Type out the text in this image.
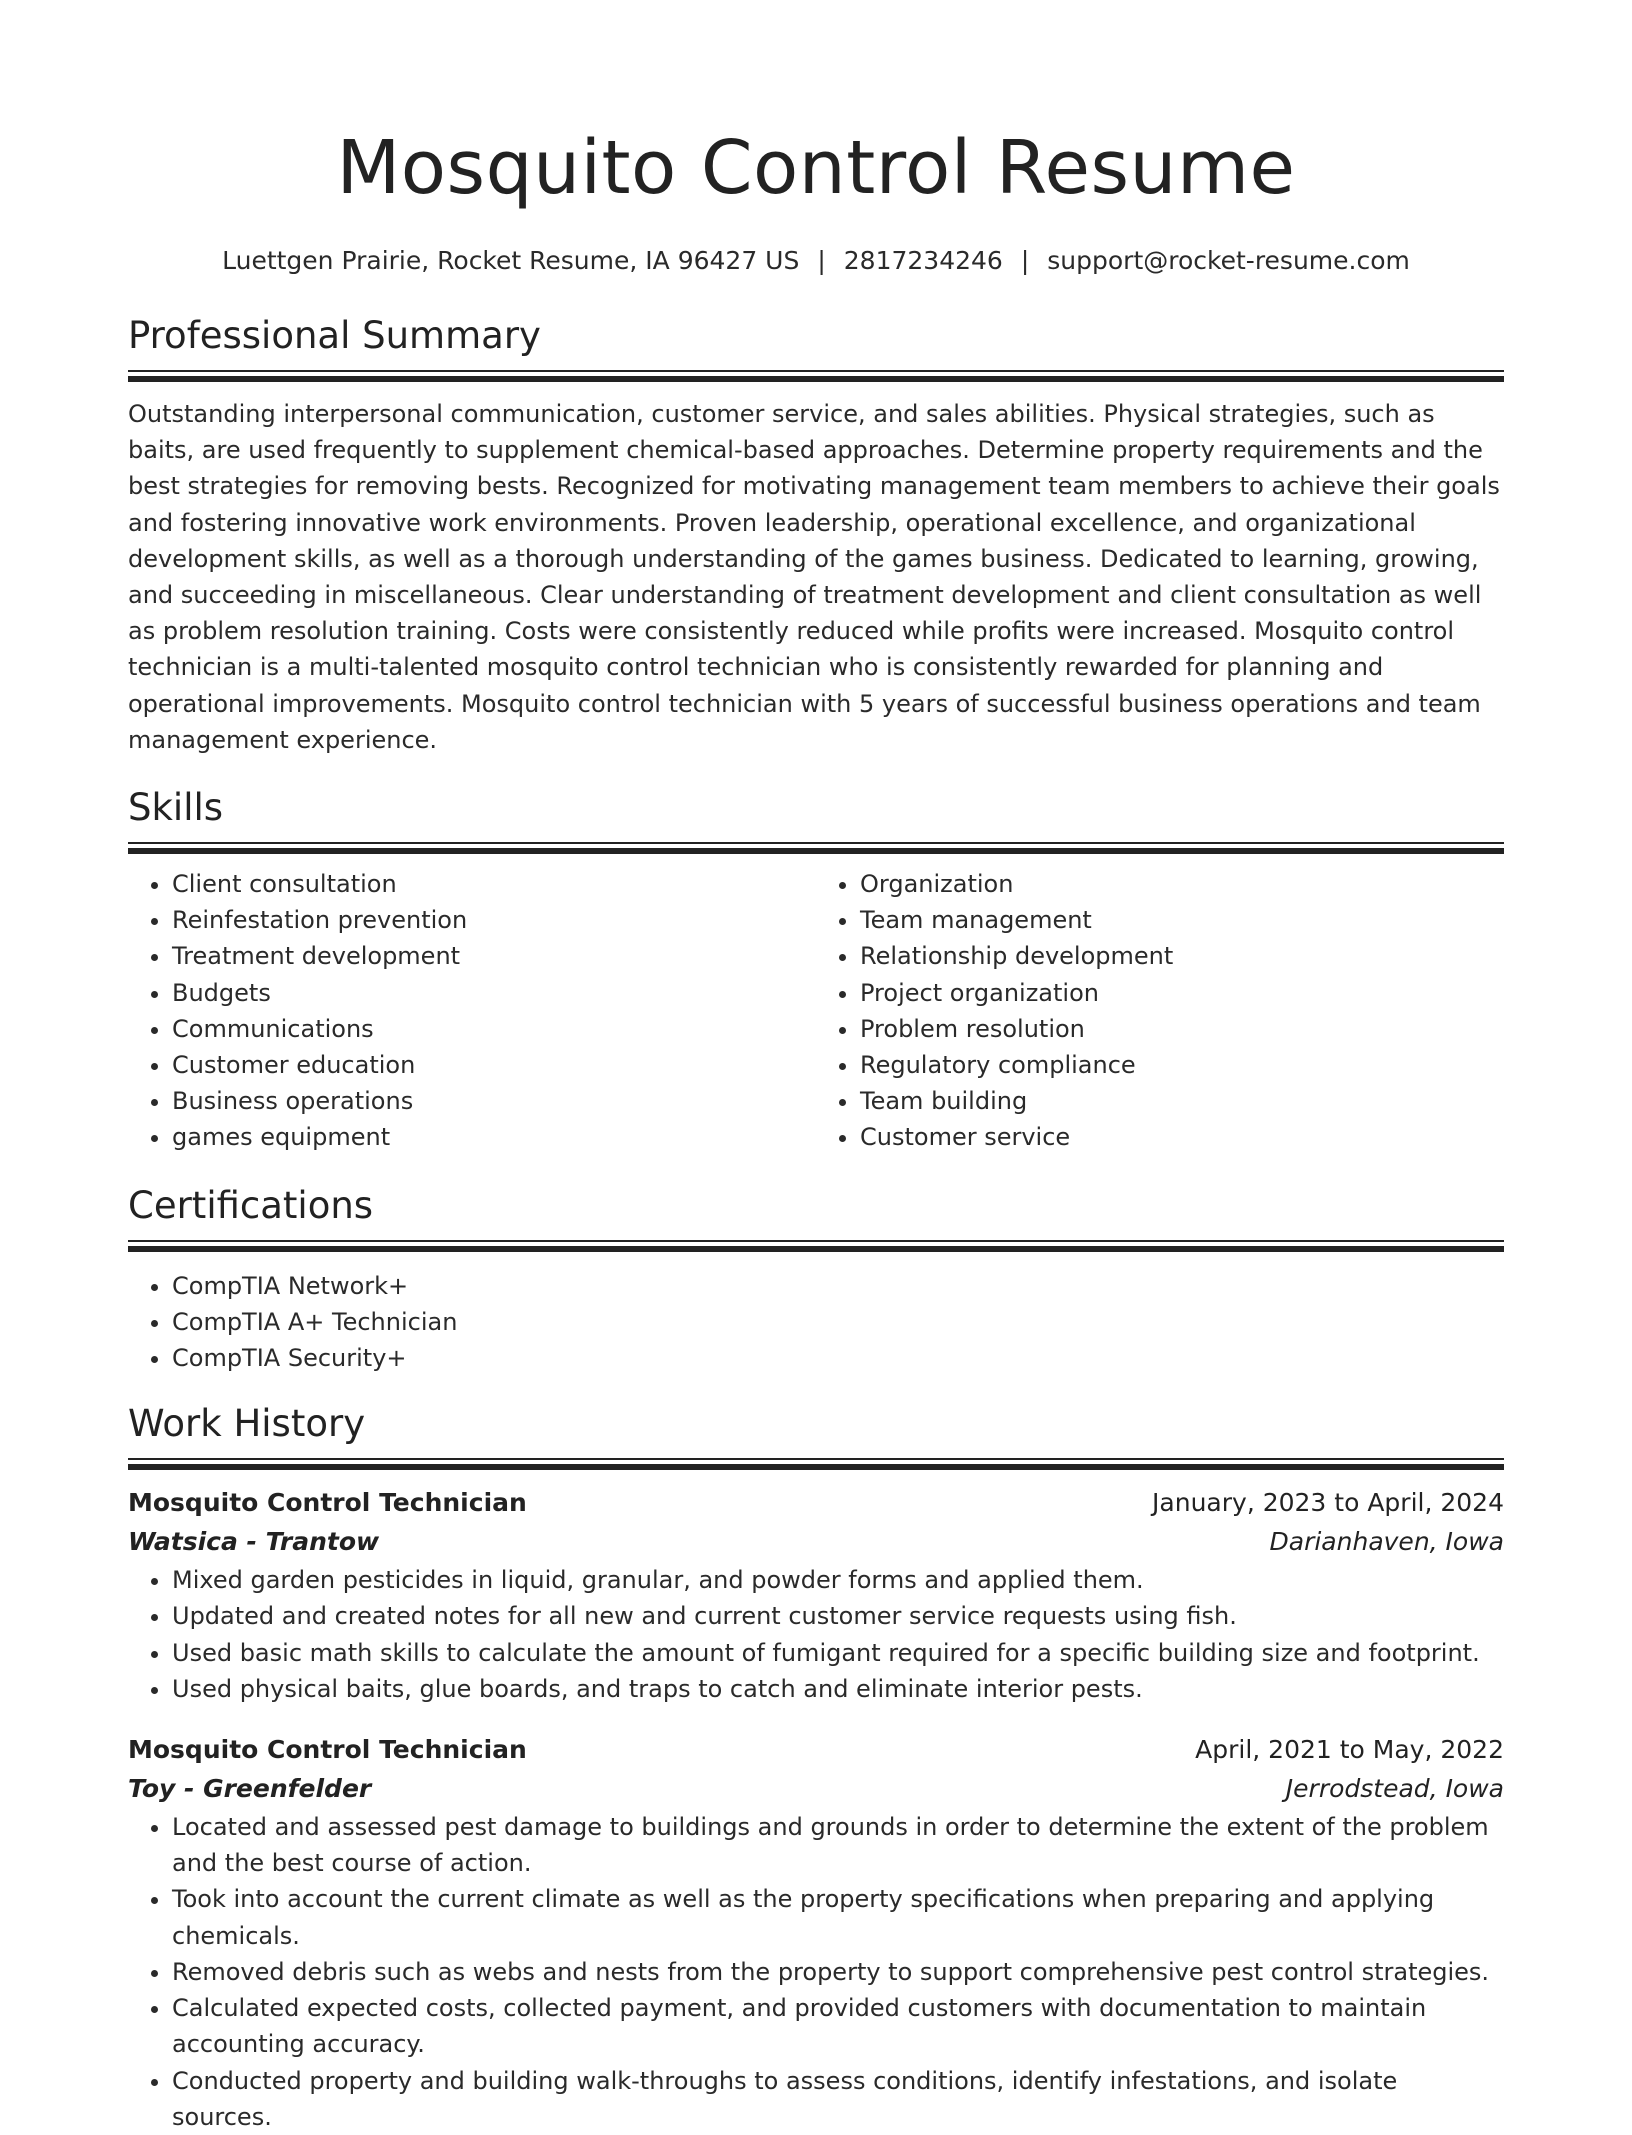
Mosquito Control Resume
Luettgen Prairie, Rocket Resume, IA 96427 US | 2817234246 | support@rocket-resume.com
Professional Summary

Outstanding interpersonal communication, customer service, and sales abilities. Physical strategies, such as baits, are used frequently to supplement chemical-based approaches. Determine property requirements and the best strategies for removing bests. Recognized for motivating management team members to achieve their goals and fostering innovative work environments. Proven leadership, operational excellence, and organizational development skills, as well as a thorough understanding of the games business. Dedicated to learning, growing, and succeeding in miscellaneous. Clear understanding of treatment development and client consultation as well as problem resolution training. Costs were consistently reduced while profits were increased. Mosquito control technician is a multi-talented mosquito control technician who is consistently rewarded for planning and operational improvements. Mosquito control technician with 5 years of successful business operations and team management experience.

Skills
• Client consultation
• Reinfestation prevention
• Treatment development
• Budgets
• Communications
• Customer education
• Business operations
• games equipment
• Organization
• Team management
• Relationship development
• Project organization
• Problem resolution
• Regulatory compliance
• Team building
• Customer service
Certifications
• CompTIA Network+
• CompTIA A+ Technician
• CompTIA Security+
Work History
Mosquito Control Technician	January, 2023 to April, 2024
Watsica - Trantow	Darianhaven, Iowa
• Mixed garden pesticides in liquid, granular, and powder forms and applied them.
• Updated and created notes for all new and current customer service requests using fish.
• Used basic math skills to calculate the amount of fumigant required for a specific building size and footprint.
• Used physical baits, glue boards, and traps to catch and eliminate interior pests.
Mosquito Control Technician	April, 2021 to May, 2022
Toy - Greenfelder	Jerrodstead, Iowa
• Located and assessed pest damage to buildings and grounds in order to determine the extent of the problem and the best course of action.
• Took into account the current climate as well as the property specifications when preparing and applying chemicals.
• Removed debris such as webs and nests from the property to support comprehensive pest control strategies.
• Calculated expected costs, collected payment, and provided customers with documentation to maintain accounting accuracy.
• Conducted property and building walk-throughs to assess conditions, identify infestations, and isolate sources.
